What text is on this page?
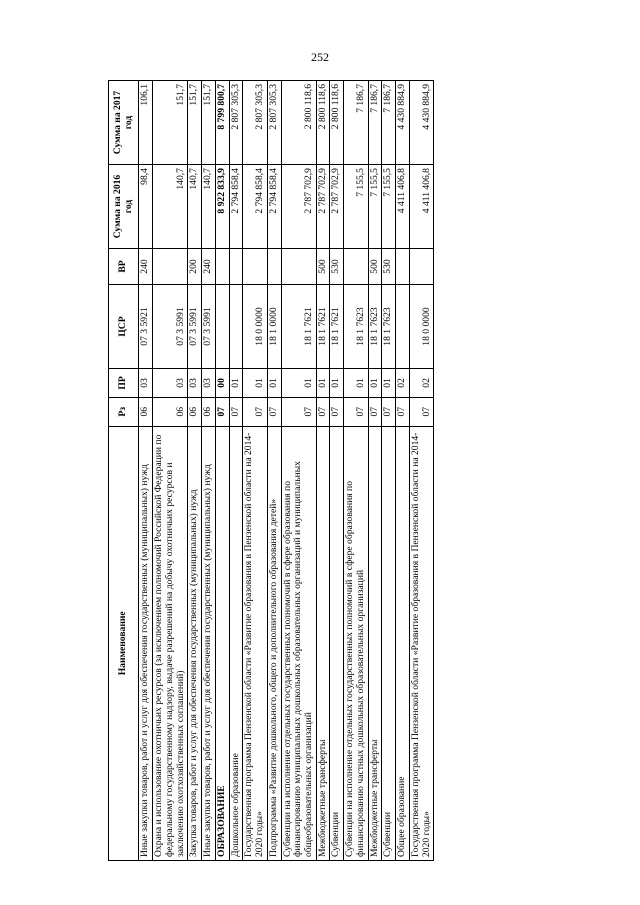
252
Наименование	Рз	ПР	ЦСР	ВР	Сумма на 2016 год	Сумма на 2017 год
Иные закупки товаров, работ и услуг для обеспечения государственных (муниципальных) нужд	06	03	07 3 5921	240	98,4	106,1
Охрана и использование охотничьих ресурсов (за исключением полномочий Российской Федерации по федеральному государственному надзору, выдаче разрешений на добычу охотничьих ресурсов и заключению охотхозяйственных соглашений)	06	03	07 3 5991		140,7	151,7
Закупка товаров, работ и услуг для обеспечения государственных (муниципальных) нужд	06	03	07 3 5991	200	140,7	151,7
Иные закупки товаров, работ и услуг для обеспечения государственных (муниципальных) нужд	06	03	07 3 5991	240	140,7	151,7
ОБРАЗОВАНИЕ	07	00			8 922 833,9	8 799 800,7
Дошкольное образование	07	01			2 794 858,4	2 807 305,3
Государственная программа Пензенской области «Развитие образования в Пензенской области на 2014-2020 годы»	07	01	18 0 0000		2 794 858,4	2 807 305,3
Подпрограмма «Развитие дошкольного, общего и дополнительного образования детей»	07	01	18 1 0000		2 794 858,4	2 807 305,3
Субвенции на исполнение отдельных государственных полномочий в сфере образования по финансированию муниципальных дошкольных образовательных организаций и муниципальных общеобразовательных организаций	07	01	18 1 7621		2 787 702,9	2 800 118,6
Межбюджетные трансферты	07	01	18 1 7621	500	2 787 702,9	2 800 118,6
Субвенции	07	01	18 1 7621	530	2 787 702,9	2 800 118,6
Субвенции на исполнение отдельных государственных полномочий в сфере образования по финансированию частных дошкольных образовательных организаций	07	01	18 1 7623		7 155,5	7 186,7
Межбюджетные трансферты	07	01	18 1 7623	500	7 155,5	7 186,7
Субвенции	07	01	18 1 7623	530	7 155,5	7 186,7
Общее образование	07	02			4 411 406,8	4 430 884,9
Государственная программа Пензенской области «Развитие образования в Пензенской области на 2014-2020 годы»	07	02	18 0 0000		4 411 406,8	4 430 884,9
